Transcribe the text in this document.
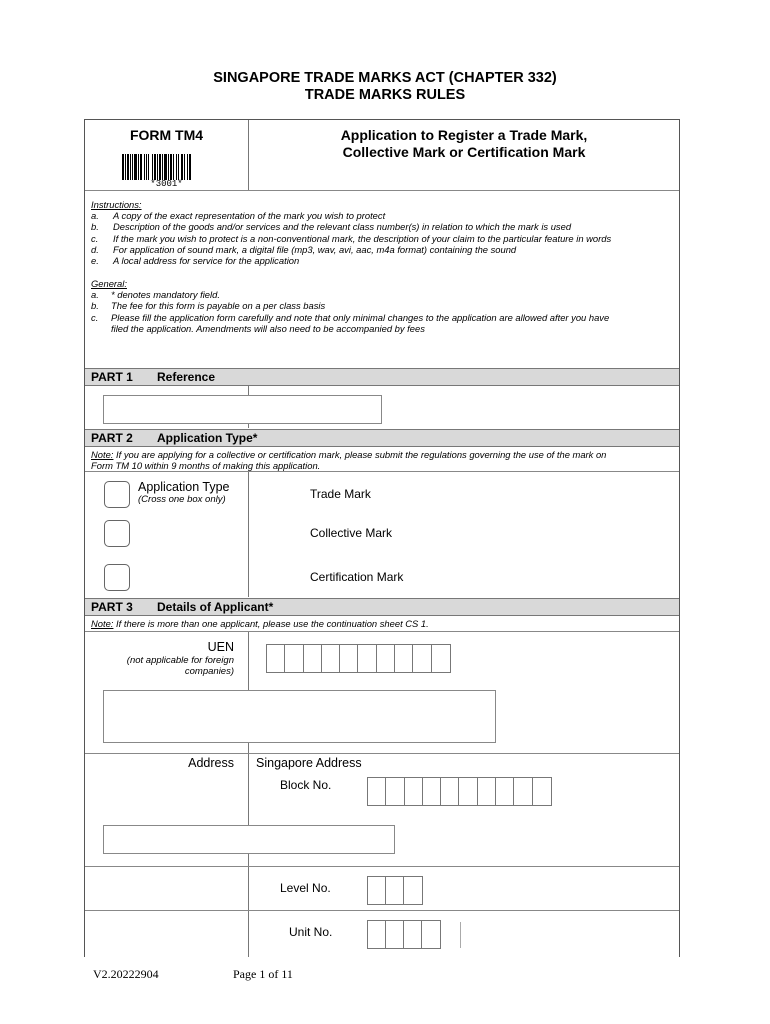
SINGAPORE TRADE MARKS ACT (CHAPTER 332)
TRADE MARKS RULES
FORM TM4
*3001*
Application to Register a Trade Mark,
Collective Mark or Certification Mark
Instructions:
a. A copy of the exact representation of the mark you wish to protect
b. Description of the goods and/or services and the relevant class number(s) in relation to which the mark is used
c. If the mark you wish to protect is a non-conventional mark, the description of your claim to the particular feature in words
d. For application of sound mark, a digital file (mp3, wav, avi, aac, m4a format) containing the sound
e. A local address for service for the application
General:
a. * denotes mandatory field.
b. The fee for this form is payable on a per class basis
c. Please fill the application form carefully and note that only minimal changes to the application are allowed after you have
filed the application. Amendments will also need to be accompanied by fees
PART 1 Reference
PART 2 Application Type*
Note: If you are applying for a collective or certification mark, please submit the regulations governing the use of the mark on
Form TM 10 within 9 months of making this application.
Application Type
(Cross one box only)	Trade Mark
Collective Mark
Certification Mark
PART 3 Details of Applicant*
Note: If there is more than one applicant, please use the continuation sheet CS 1.
UEN
(not applicable for foreign
companies)
Address Singapore Address
Block No.
Level No.
Unit No.
V2.20222904	Page 1 of 11
